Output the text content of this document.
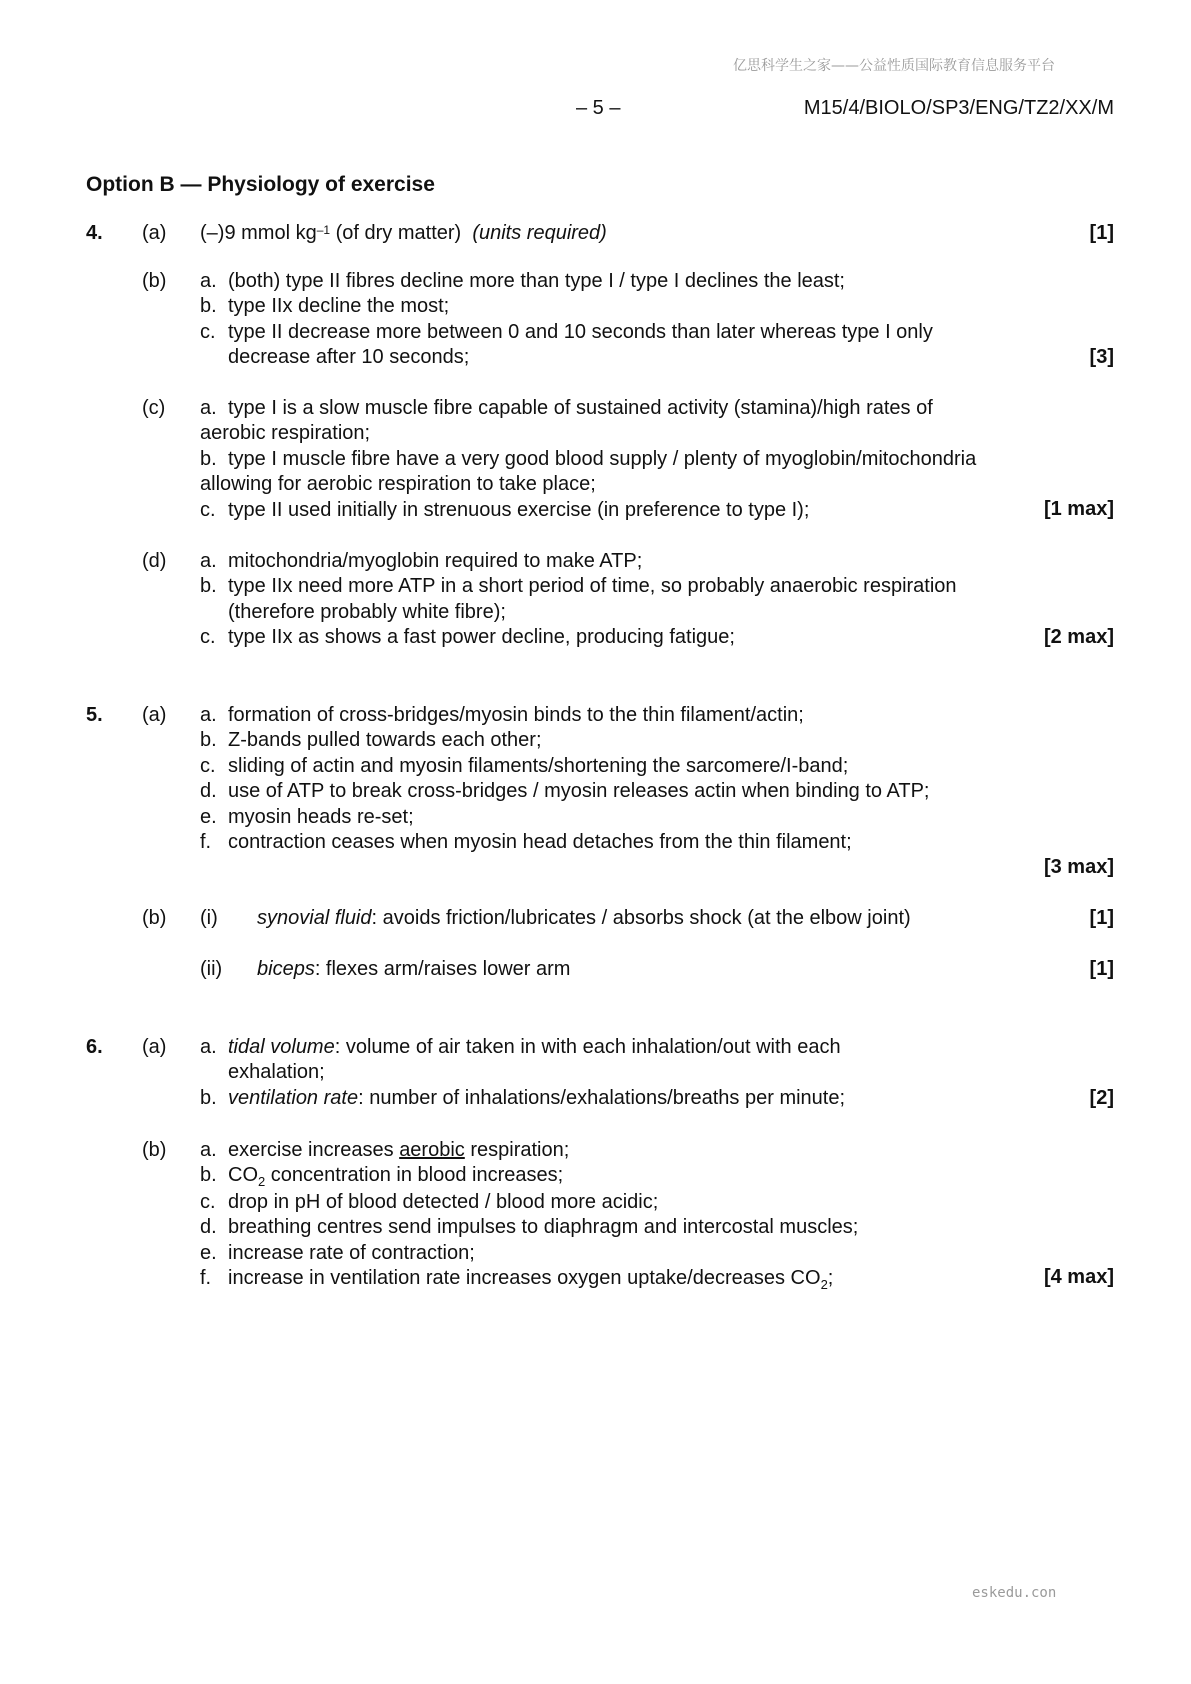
亿思科学生之家——公益性质国际教育信息服务平台
– 5 –	M15/4/BIOLO/SP3/ENG/TZ2/XX/M
Option B — Physiology of exercise
4. (a) (–)9 mmol $kg^{-1}$ (of dry matter) (units required)	[1]
(b) a. (both) type II fibres decline more than type I / type I declines the least;
b. type IIx decline the most;
c. type II decrease more between 0 and 10 seconds than later whereas type I only decrease after 10 seconds;	[3]
(c) a. type I is a slow muscle fibre capable of sustained activity (stamina)/high rates of aerobic respiration;
b. type I muscle fibre have a very good blood supply / plenty of myoglobin/mitochondria allowing for aerobic respiration to take place;
c. type II used initially in strenuous exercise (in preference to type I);	[1 max]
(d) a. mitochondria/myoglobin required to make ATP;
b. type IIx need more ATP in a short period of time, so probably anaerobic respiration (therefore probably white fibre);
c. type IIx as shows a fast power decline, producing fatigue;	[2 max]
5. (a) a. formation of cross-bridges/myosin binds to the thin filament/actin;
b. Z-bands pulled towards each other;
c. sliding of actin and myosin filaments/shortening the sarcomere/I-band;
d. use of ATP to break cross-bridges / myosin releases actin when binding to ATP;
e. myosin heads re-set;
f. contraction ceases when myosin head detaches from the thin filament;
[3 max]
(b) (i) synovial fluid: avoids friction/lubricates / absorbs shock (at the elbow joint)	[1]
(ii) biceps: flexes arm/raises lower arm	[1]
6. (a) a. tidal volume: volume of air taken in with each inhalation/out with each exhalation;
b. ventilation rate: number of inhalations/exhalations/breaths per minute;	[2]
(b) a. exercise increases aerobic respiration;
b. $CO_2$ concentration in blood increases;
c. drop in pH of blood detected / blood more acidic;
d. breathing centres send impulses to diaphragm and intercostal muscles;
e. increase rate of contraction;
f. increase in ventilation rate increases oxygen uptake/decreases $CO_2$;	[4 max]
eskedu.con
